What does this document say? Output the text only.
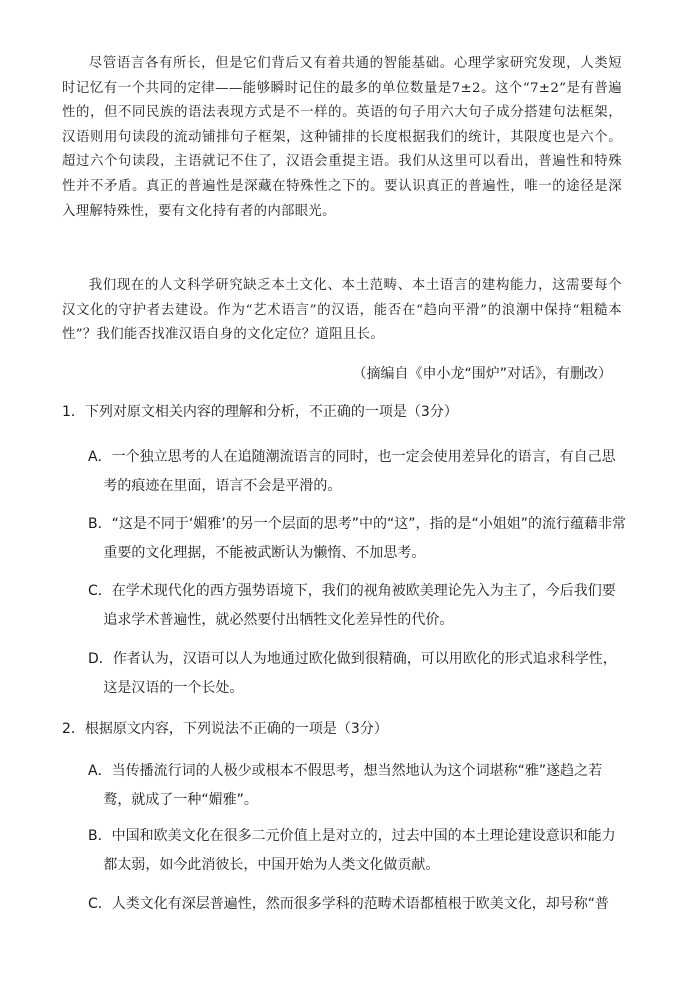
尽管语言各有所长，但是它们背后又有着共通的智能基础。心理学家研究发现，人类短时记忆有一个共同的定律——能够瞬时记住的最多的单位数量是7±2。这个“7±2”是有普遍性的，但不同民族的语法表现方式是不一样的。英语的句子用六大句子成分搭建句法框架，汉语则用句读段的流动铺排句子框架，这种铺排的长度根据我们的统计，其限度也是六个。超过六个句读段，主语就记不住了，汉语会重提主语。我们从这里可以看出，普遍性和特殊性并不矛盾。真正的普遍性是深藏在特殊性之下的。要认识真正的普遍性，唯一的途径是深入理解特殊性，要有文化持有者的内部眼光。

我们现在的人文科学研究缺乏本土文化、本土范畴、本土语言的建构能力，这需要每个汉文化的守护者去建设。作为“艺术语言”的汉语，能否在“趋向平滑”的浪潮中保持“粗糙本性”？我们能否找准汉语自身的文化定位？道阻且长。

（摘编自《申小龙“围炉”对话》，有删改）

1．下列对原文相关内容的理解和分析，不正确的一项是（3分）

A．一个独立思考的人在追随潮流语言的同时，也一定会使用差异化的语言，有自己思考的痕迹在里面，语言不会是平滑的。
B．“这是不同于‘媚雅’的另一个层面的思考”中的“这”，指的是“小姐姐”的流行蕴藉非常重要的文化理据，不能被武断认为懒惰、不加思考。
C．在学术现代化的西方强势语境下，我们的视角被欧美理论先入为主了，今后我们要追求学术普遍性，就必然要付出牺牲文化差异性的代价。
D．作者认为，汉语可以人为地通过欧化做到很精确，可以用欧化的形式追求科学性，这是汉语的一个长处。

2．根据原文内容，下列说法不正确的一项是（3分）

A．当传播流行词的人极少或根本不假思考，想当然地认为这个词堪称“雅”遂趋之若鹜，就成了一种“媚雅”。
B．中国和欧美文化在很多二元价值上是对立的，过去中国的本土理论建设意识和能力都太弱，如今此消彼长，中国开始为人类文化做贡献。
C．人类文化有深层普遍性，然而很多学科的范畴术语都植根于欧美文化，却号称“普
